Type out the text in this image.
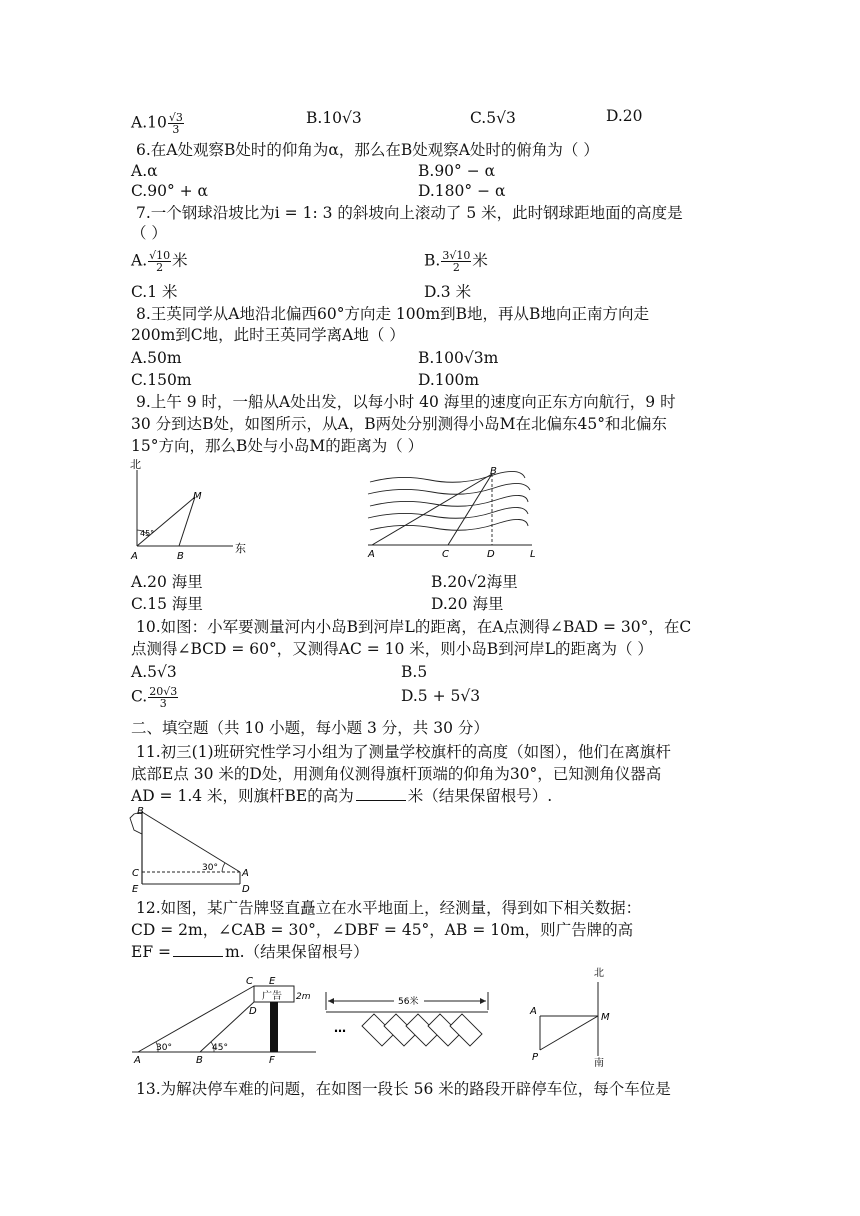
$A.10 \frac{√3}{3}$	B.10√3	C.5√3	D.20
6.在A处观察B处时的仰角为α，那么在B处观察A处时的俯角为（ ）
A.α	B.90° − α
C.90° + α	D.180° − α
7.一个钢球沿坡比为i = 1: 3 的斜坡向上滚动了 5 米，此时钢球距地面的高度是
（ ）
A. $\frac{√10}{2}$ 米	B. $\frac{3√10}{2}$ 米
C.1 米	D.3 米
8.王英同学从A地沿北偏西60°方向走 100m到B地，再从B地向正南方向走
200m到C地，此时王英同学离A地（ ）
A.50m	B.100√3m
C.150m	D.100m
9.上午 9 时，一船从A处出发，以每小时 40 海里的速度向正东方向航行，9 时
30 分到达B处，如图所示，从A，B两处分别测得小岛M在北偏东45°和北偏东
15°方向，那么B处与小岛M的距离为（ ）
北
东
M
45°
A	B
B
A	C	D	L
A.20 海里	B.20√2海里
C.15 海里	D.20 海里
10.如图：小军要测量河内小岛B到河岸L的距离，在A点测得∠BAD = 30°，在C
点测得∠BCD = 60°，又测得AC = 10 米，则小岛B到河岸L的距离为（ ）
A.5√3	B.5
C. $\frac{20√3}{3}$	D.5 + 5√3
二、填空题（共 10 小题，每小题 3 分，共 30 分）
11.初三(1)班研究性学习小组为了测量学校旗杆的高度（如图），他们在离旗杆
底部E点 30 米的D处，用测角仪测得旗杆顶端的仰角为30°，已知测角仪器高
AD = 1.4 米，则旗杆BE的高为	米（结果保留根号）.
B
C
E
A
D
30°
12.如图，某广告牌竖直矗立在水平地面上，经测量，得到如下相关数据：
CD = 2m，∠CAB = 30°，∠DBF = 45°，AB = 10m，则广告牌的高
EF =	m.（结果保留根号）
C E
广告 2m
D
A
30°
B
45°
F
56米
…
北
南
A
M
P
13.为解决停车难的问题，在如图一段长 56 米的路段开辟停车位，每个车位是
